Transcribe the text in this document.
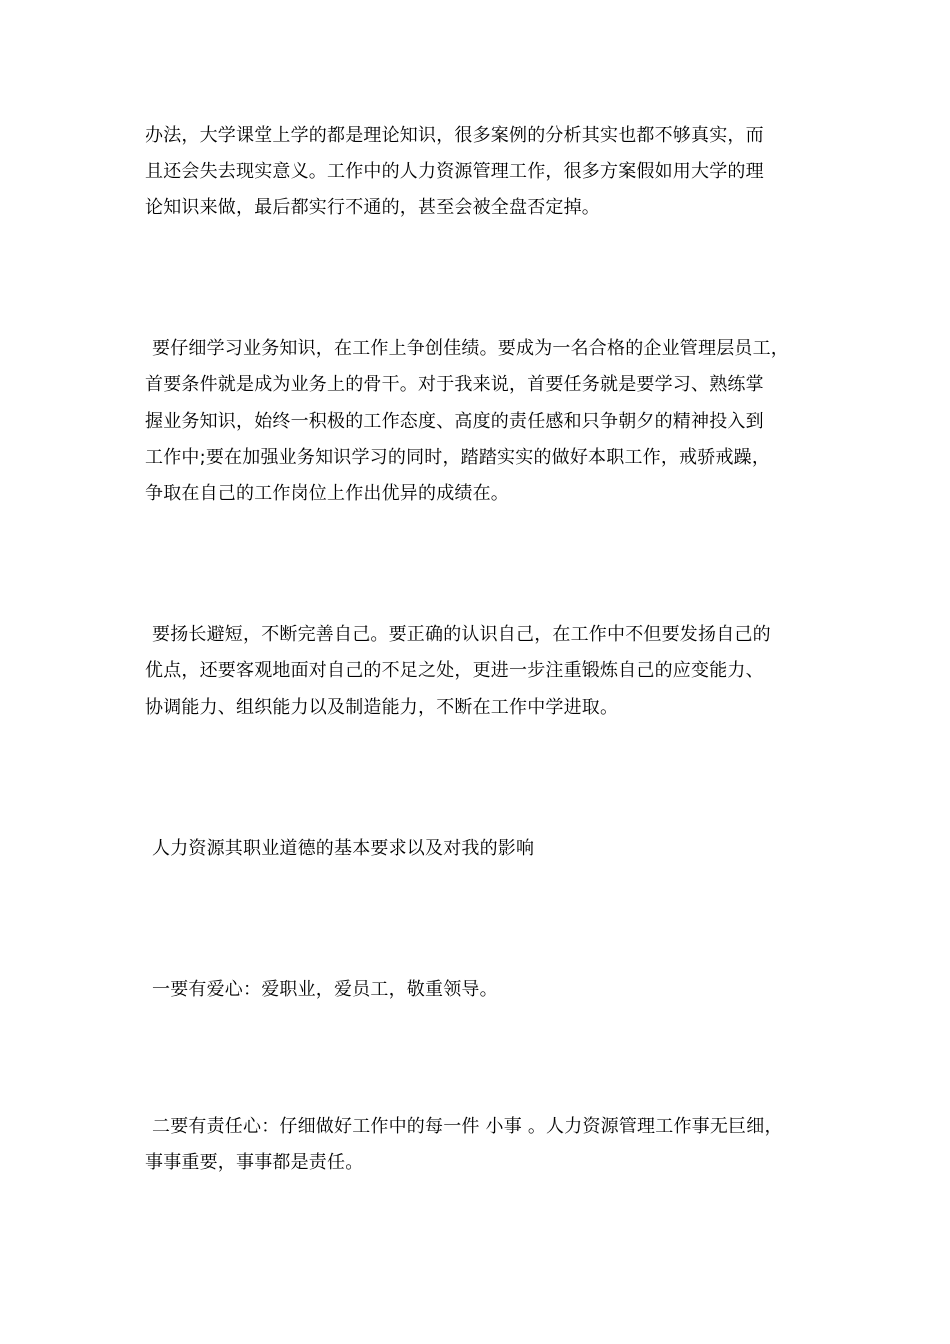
办法，大学课堂上学的都是理论知识，很多案例的分析其实也都不够真实，而

且还会失去现实意义。工作中的人力资源管理工作，很多方案假如用大学的理

论知识来做，最后都实行不通的，甚至会被全盘否定掉。

要仔细学习业务知识，在工作上争创佳绩。要成为一名合格的企业管理层员工，

首要条件就是成为业务上的骨干。对于我来说，首要任务就是要学习、熟练掌

握业务知识，始终一积极的工作态度、高度的责任感和只争朝夕的精神投入到

工作中;要在加强业务知识学习的同时，踏踏实实的做好本职工作，戒骄戒躁，

争取在自己的工作岗位上作出优异的成绩在。

要扬长避短，不断完善自己。要正确的认识自己，在工作中不但要发扬自己的

优点，还要客观地面对自己的不足之处，更进一步注重锻炼自己的应变能力、

协调能力、组织能力以及制造能力，不断在工作中学进取。

人力资源其职业道德的基本要求以及对我的影响

一要有爱心：爱职业，爱员工，敬重领导。

二要有责任心：仔细做好工作中的每一件 小事 。人力资源管理工作事无巨细，

事事重要，事事都是责任。
